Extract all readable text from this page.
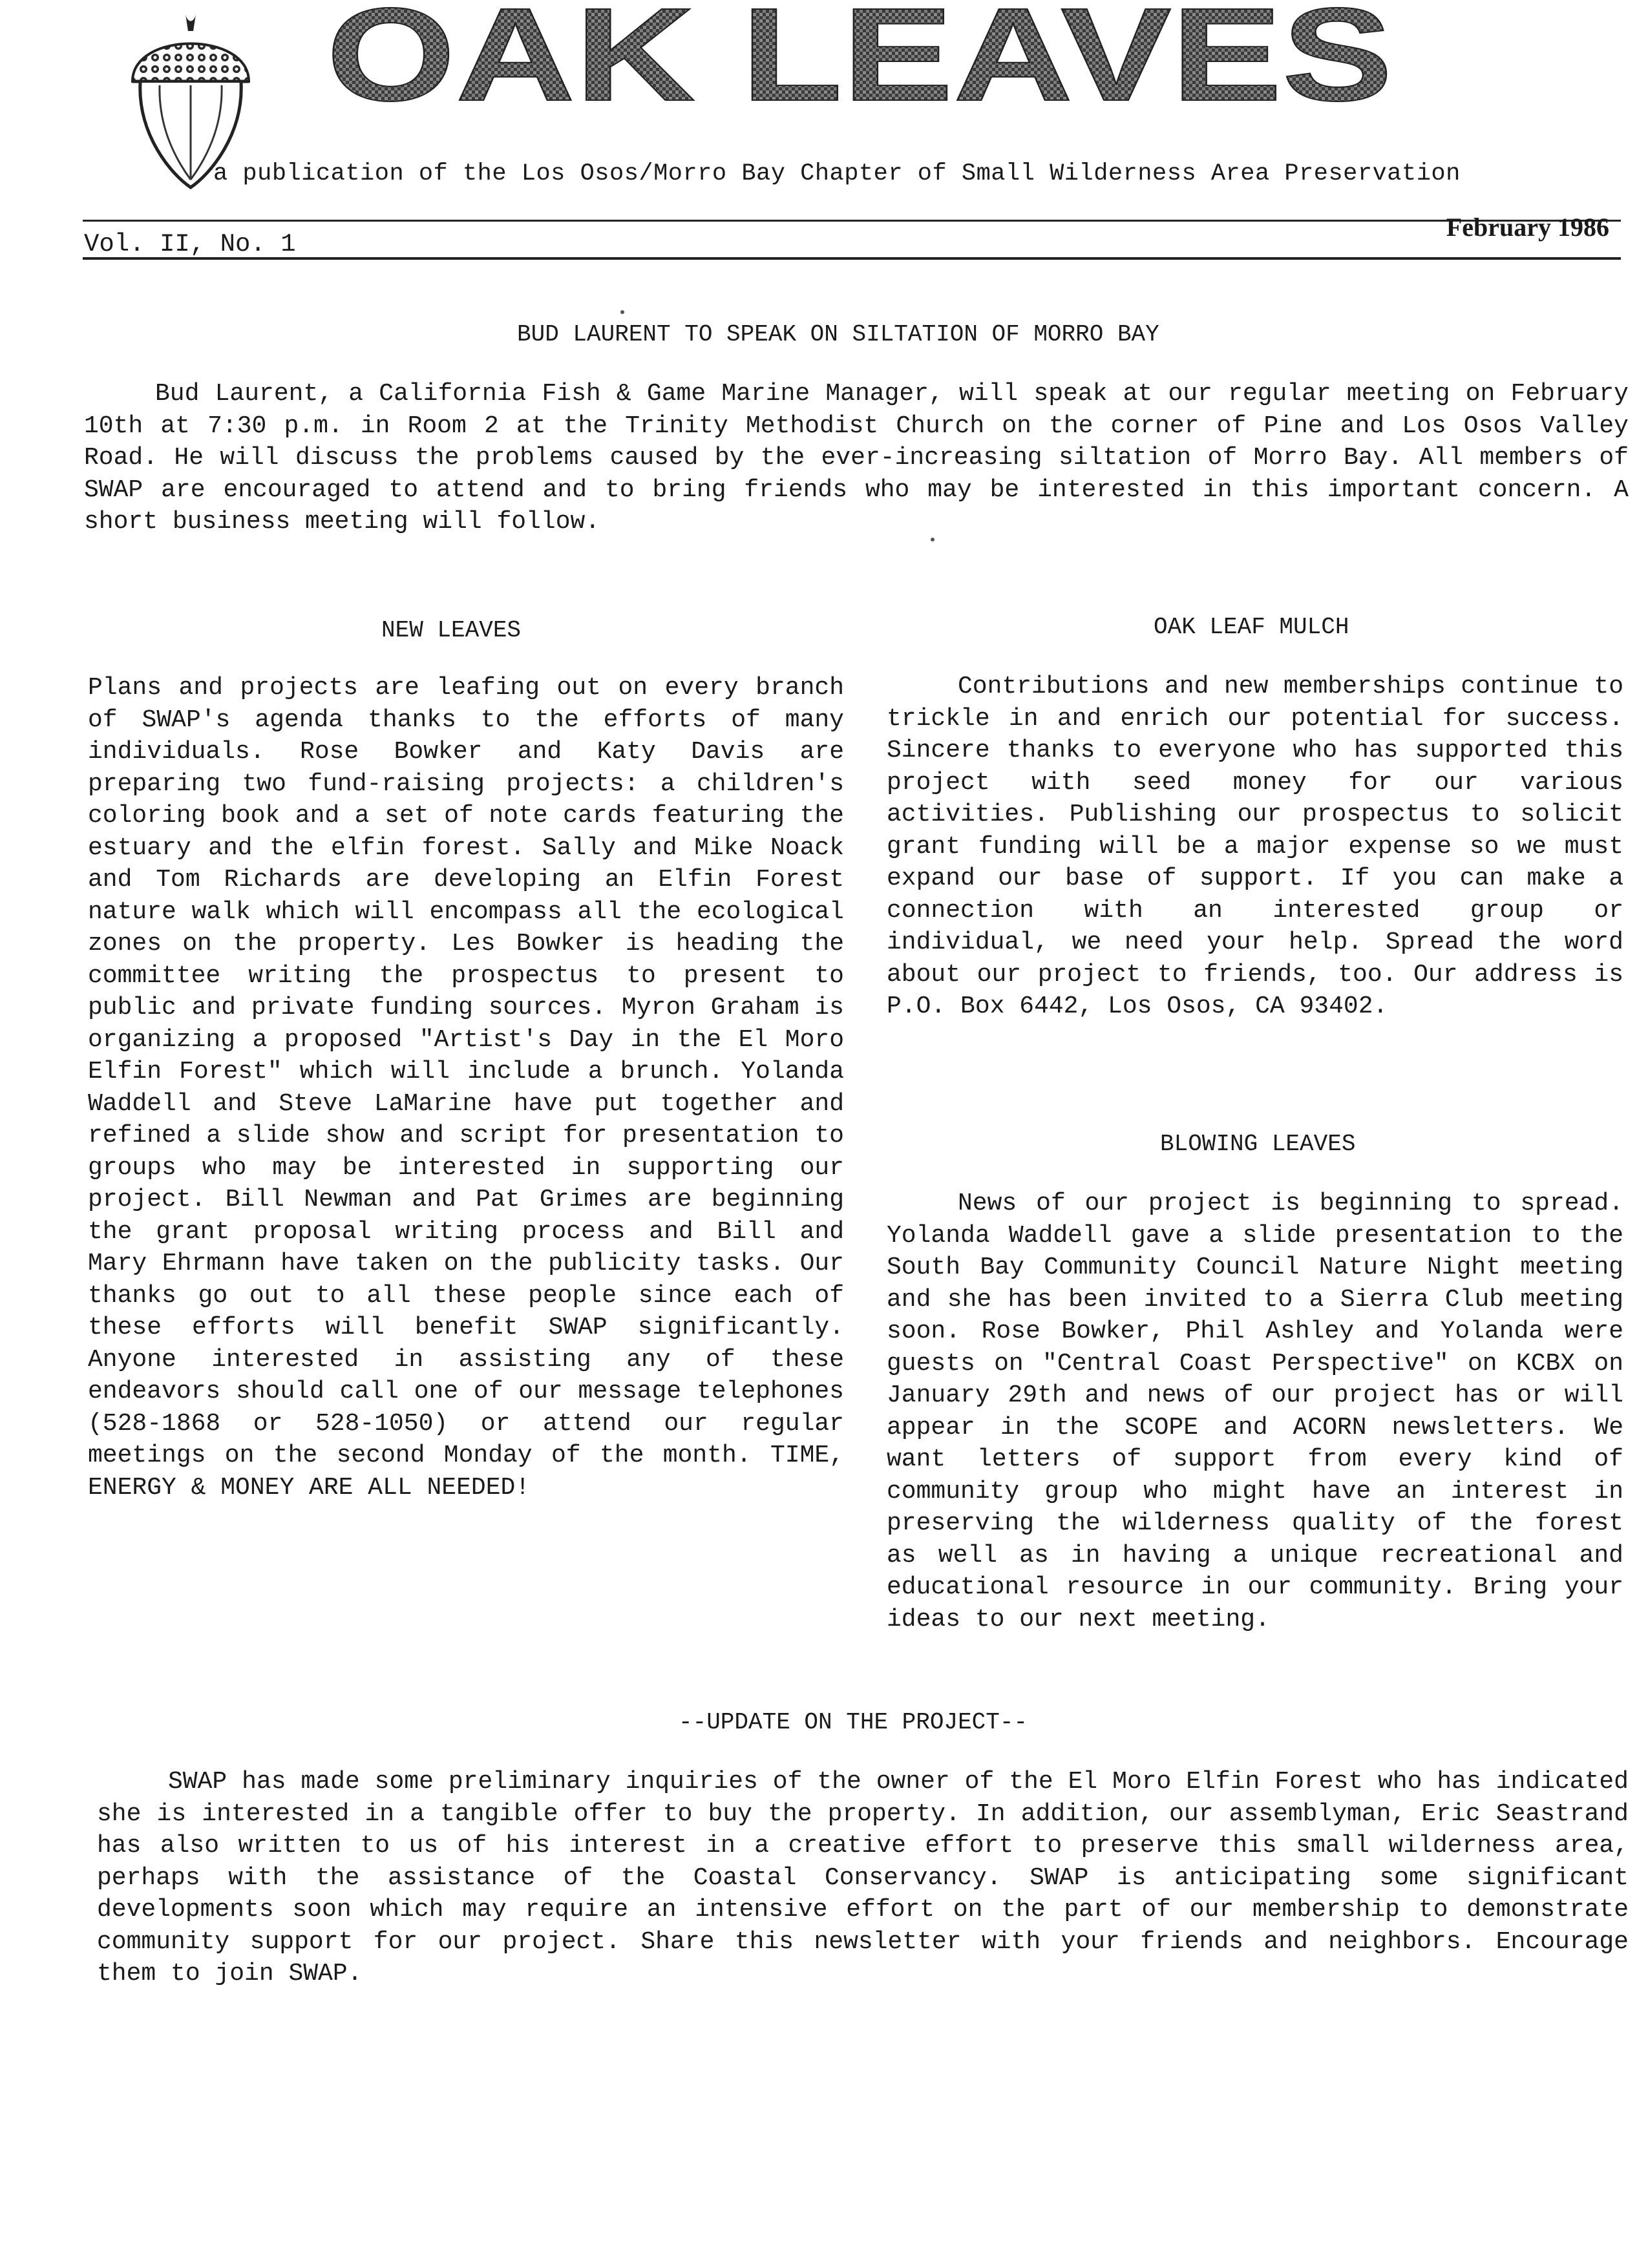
OAK LEAVES
a publication of the Los Osos/Morro Bay Chapter of Small Wilderness Area Preservation
Vol. II, No. 1
February 1986
BUD LAURENT TO SPEAK ON SILTATION OF MORRO BAY

Bud Laurent, a California Fish & Game Marine Manager, will speak at our regular meeting on February 10th at 7:30 p.m. in Room 2 at the Trinity Methodist Church on the corner of Pine and Los Osos Valley Road. He will discuss the problems caused by the ever-increasing siltation of Morro Bay. All members of SWAP are encouraged to attend and to bring friends who may be interested in this important concern. A short business meeting will follow.

NEW LEAVES

Plans and projects are leafing out on every branch of SWAP's agenda thanks to the efforts of many individuals. Rose Bowker and Katy Davis are preparing two fund-raising projects: a children's coloring book and a set of note cards featuring the estuary and the elfin forest. Sally and Mike Noack and Tom Richards are developing an Elfin Forest nature walk which will encompass all the ecological zones on the property. Les Bowker is heading the committee writing the prospectus to present to public and private funding sources. Myron Graham is organizing a proposed "Artist's Day in the El Moro Elfin Forest" which will include a brunch. Yolanda Waddell and Steve LaMarine have put together and refined a slide show and script for presentation to groups who may be interested in supporting our project. Bill Newman and Pat Grimes are beginning the grant proposal writing process and Bill and Mary Ehrmann have taken on the publicity tasks. Our thanks go out to all these people since each of these efforts will benefit SWAP significantly. Anyone interested in assisting any of these endeavors should call one of our message telephones (528-1868 or 528-1050) or attend our regular meetings on the second Monday of the month. TIME, ENERGY & MONEY ARE ALL NEEDED!

OAK LEAF MULCH

Contributions and new memberships continue to trickle in and enrich our potential for success. Sincere thanks to everyone who has supported this project with seed money for our various activities. Publishing our prospectus to solicit grant funding will be a major expense so we must expand our base of support. If you can make a connection with an interested group or individual, we need your help. Spread the word about our project to friends, too. Our address is P.O. Box 6442, Los Osos, CA 93402.

BLOWING LEAVES

News of our project is beginning to spread. Yolanda Waddell gave a slide presentation to the South Bay Community Council Nature Night meeting and she has been invited to a Sierra Club meeting soon. Rose Bowker, Phil Ashley and Yolanda were guests on "Central Coast Perspective" on KCBX on January 29th and news of our project has or will appear in the SCOPE and ACORN newsletters. We want letters of support from every kind of community group who might have an interest in preserving the wilderness quality of the forest as well as in having a unique recreational and educational resource in our community. Bring your ideas to our next meeting.

--UPDATE ON THE PROJECT--

SWAP has made some preliminary inquiries of the owner of the El Moro Elfin Forest who has indicated she is interested in a tangible offer to buy the property. In addition, our assemblyman, Eric Seastrand has also written to us of his interest in a creative effort to preserve this small wilderness area, perhaps with the assistance of the Coastal Conservancy. SWAP is anticipating some significant developments soon which may require an intensive effort on the part of our membership to demonstrate community support for our project. Share this newsletter with your friends and neighbors. Encourage them to join SWAP.
